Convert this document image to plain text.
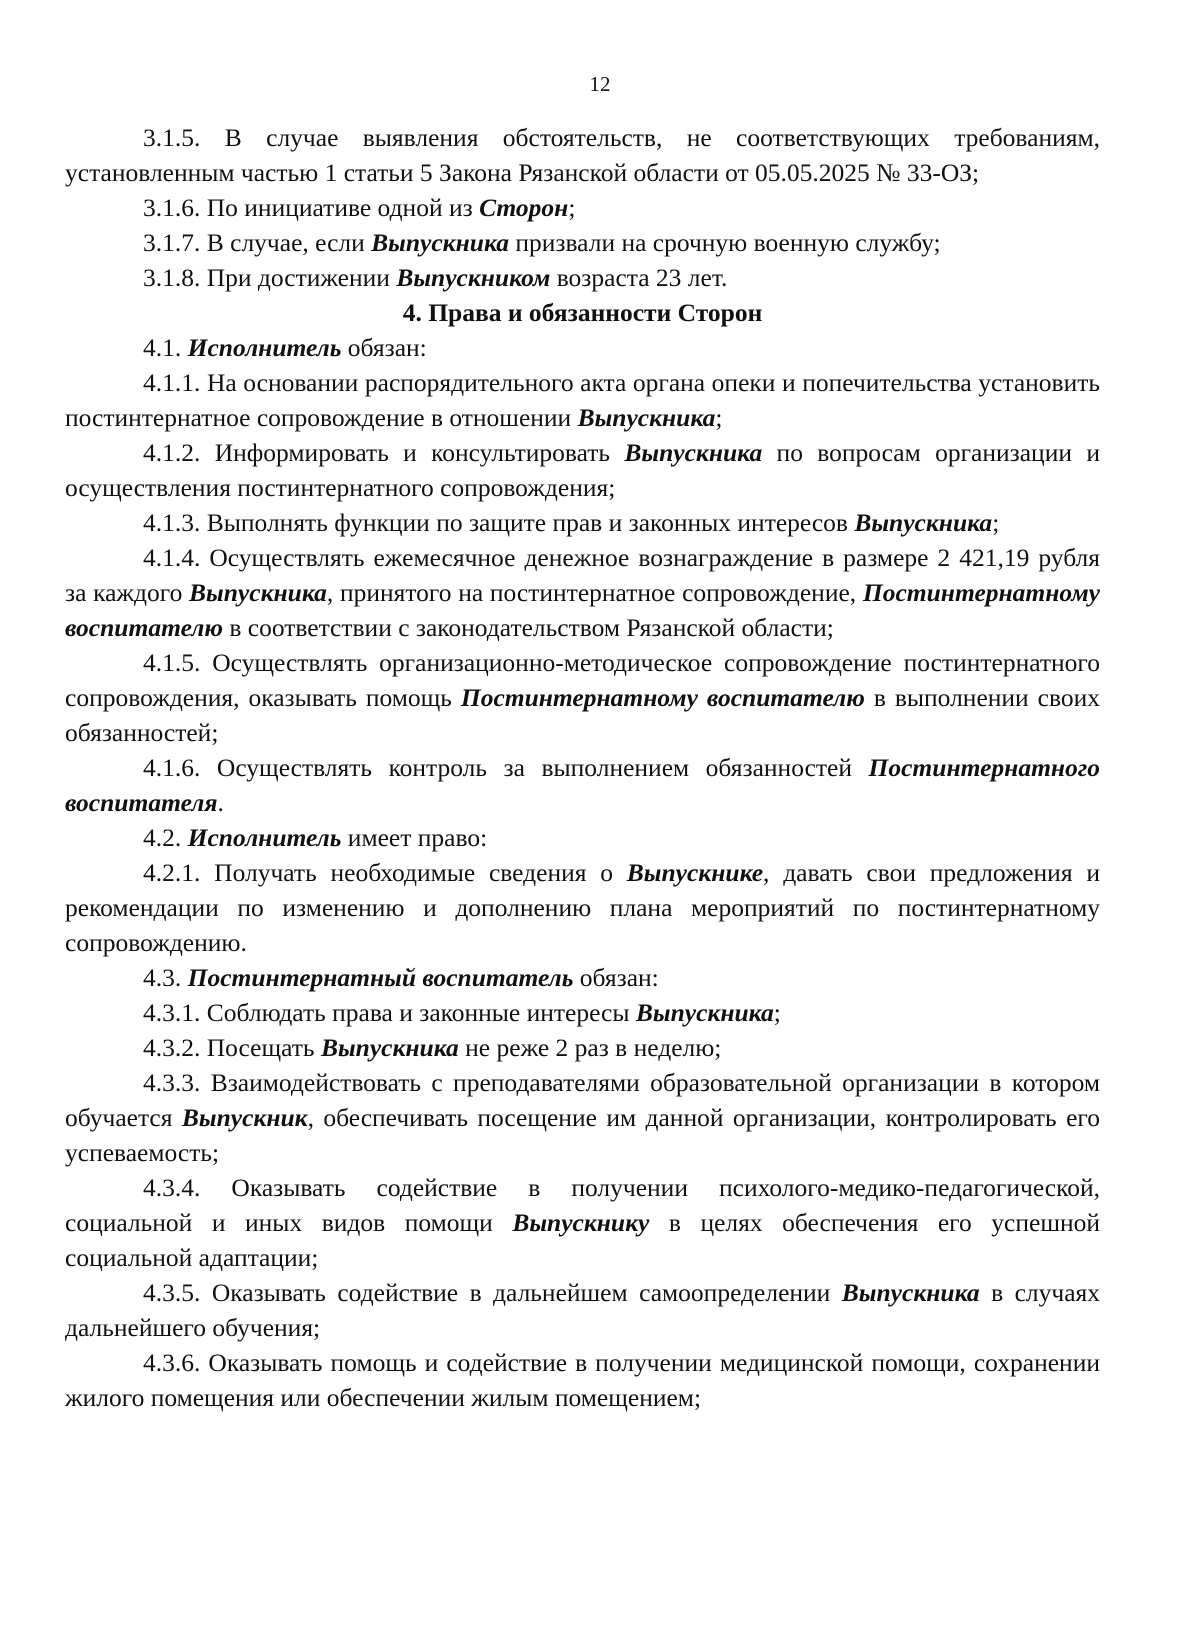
12

3.1.5. В случае выявления обстоятельств, не соответствующих требованиям, установленным частью 1 статьи 5 Закона Рязанской области от 05.05.2025 № 33-ОЗ;

3.1.6. По инициативе одной из Сторон;

3.1.7. В случае, если Выпускника призвали на срочную военную службу;

3.1.8. При достижении Выпускником возраста 23 лет.

4. Права и обязанности Сторон

4.1. Исполнитель обязан:

4.1.1. На основании распорядительного акта органа опеки и попечительства установить постинтернатное сопровождение в отношении Выпускника;

4.1.2. Информировать и консультировать Выпускника по вопросам организации и осуществления постинтернатного сопровождения;

4.1.3. Выполнять функции по защите прав и законных интересов Выпускника;

4.1.4. Осуществлять ежемесячное денежное вознаграждение в размере 2 421,19 рубля за каждого Выпускника, принятого на постинтернатное сопровождение, Постинтернатному воспитателю в соответствии с законодательством Рязанской области;

4.1.5. Осуществлять организационно-методическое сопровождение постинтернатного сопровождения, оказывать помощь Постинтернатному воспитателю в выполнении своих обязанностей;

4.1.6. Осуществлять контроль за выполнением обязанностей Постинтернатного воспитателя.

4.2. Исполнитель имеет право:

4.2.1. Получать необходимые сведения о Выпускнике, давать свои предложения и рекомендации по изменению и дополнению плана мероприятий по постинтернатному сопровождению.

4.3. Постинтернатный воспитатель обязан:

4.3.1. Соблюдать права и законные интересы Выпускника;

4.3.2. Посещать Выпускника не реже 2 раз в неделю;

4.3.3. Взаимодействовать с преподавателями образовательной организации в котором обучается Выпускник, обеспечивать посещение им данной организации, контролировать его успеваемость;

4.3.4. Оказывать содействие в получении психолого-медико-педагогической, социальной и иных видов помощи Выпускнику в целях обеспечения его успешной социальной адаптации;

4.3.5. Оказывать содействие в дальнейшем самоопределении Выпускника в случаях дальнейшего обучения;

4.3.6. Оказывать помощь и содействие в получении медицинской помощи, сохранении жилого помещения или обеспечении жилым помещением;
